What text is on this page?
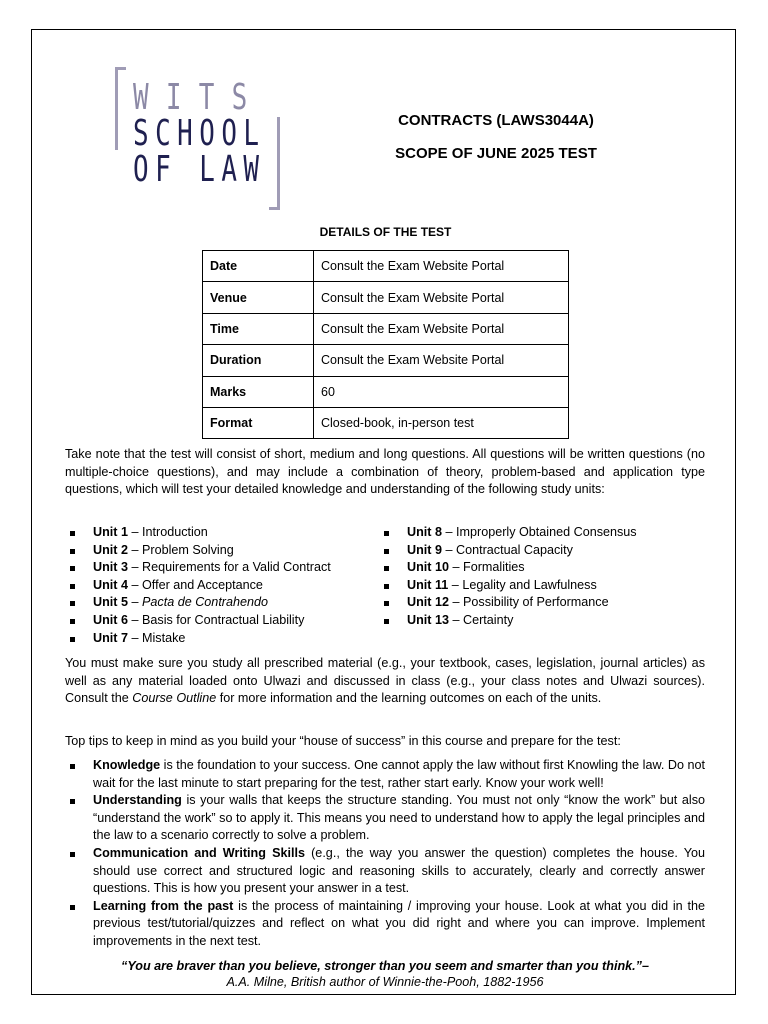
WITS
SCHOOL
OF LAW
CONTRACTS (LAWS3044A)
SCOPE OF JUNE 2025 TEST
DETAILS OF THE TEST
Date	Consult the Exam Website Portal
Venue	Consult the Exam Website Portal
Time	Consult the Exam Website Portal
Duration	Consult the Exam Website Portal
Marks	60
Format	Closed-book, in-person test
Take note that the test will consist of short, medium and long questions. All questions will be written questions (no multiple-choice questions), and may include a combination of theory, problem-based and application type questions, which will test your detailed knowledge and understanding of the following study units:
Unit 1 – Introduction
Unit 2 – Problem Solving
Unit 3 – Requirements for a Valid Contract
Unit 4 – Offer and Acceptance
Unit 5 – Pacta de Contrahendo
Unit 6 – Basis for Contractual Liability
Unit 7 – Mistake
Unit 8 – Improperly Obtained Consensus
Unit 9 – Contractual Capacity
Unit 10 – Formalities
Unit 11 – Legality and Lawfulness
Unit 12 – Possibility of Performance
Unit 13 – Certainty
You must make sure you study all prescribed material (e.g., your textbook, cases, legislation, journal articles) as well as any material loaded onto Ulwazi and discussed in class (e.g., your class notes and Ulwazi sources). Consult the Course Outline for more information and the learning outcomes on each of the units.
Top tips to keep in mind as you build your “house of success” in this course and prepare for the test:
Knowledge is the foundation to your success. One cannot apply the law without first Knowling the law. Do not wait for the last minute to start preparing for the test, rather start early. Know your work well!
Understanding is your walls that keeps the structure standing. You must not only “know the work” but also “understand the work” so to apply it. This means you need to understand how to apply the legal principles and the law to a scenario correctly to solve a problem.
Communication and Writing Skills (e.g., the way you answer the question) completes the house. You should use correct and structured logic and reasoning skills to accurately, clearly and correctly answer questions. This is how you present your answer in a test.
Learning from the past is the process of maintaining / improving your house. Look at what you did in the previous test/tutorial/quizzes and reflect on what you did right and where you can improve. Implement improvements in the next test.
“You are braver than you believe, stronger than you seem and smarter than you think.”–
A.A. Milne, British author of Winnie-the-Pooh, 1882-1956
